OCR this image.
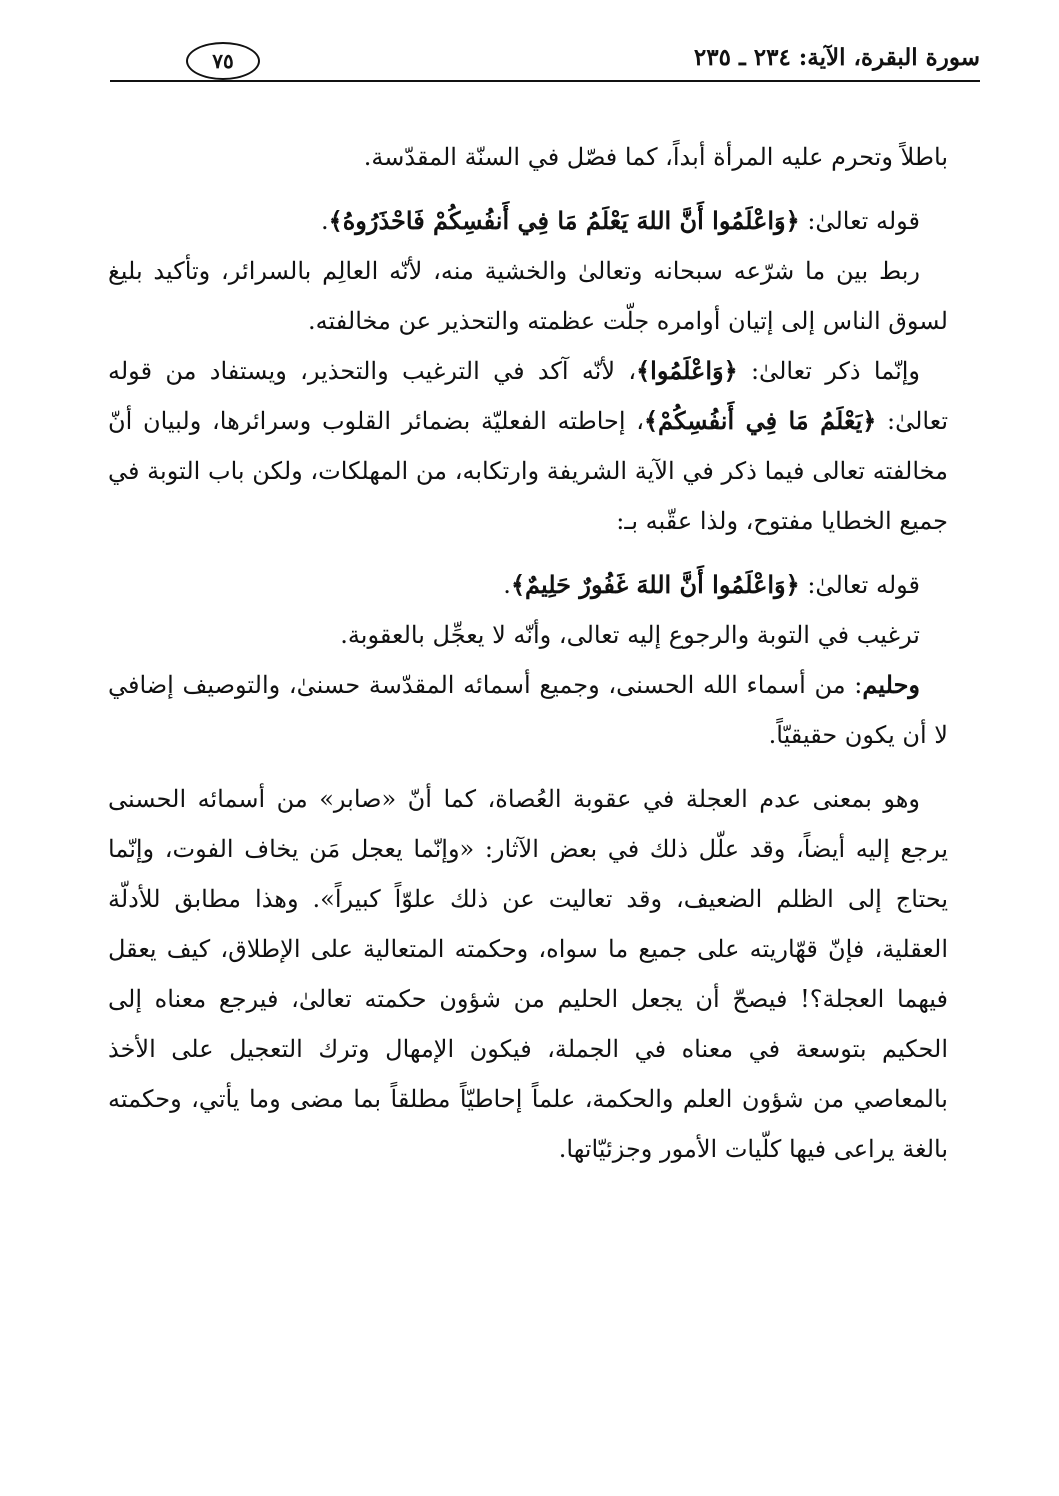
سورة البقرة، الآية: ٢٣٤ ـ ٢٣٥
٧٥

باطلاً وتحرم عليه المرأة أبداً، كما فصّل في السنّة المقدّسة.

قوله تعالىٰ: ﴿وَاعْلَمُوا أَنَّ اللهَ يَعْلَمُ مَا فِي أَنفُسِكُمْ فَاحْذَرُوهُ﴾.

ربط بين ما شرّعه سبحانه وتعالىٰ والخشية منه، لأنّه العالِم بالسرائر، وتأكيد بليغ لسوق الناس إلى إتيان أوامره جلّت عظمته والتحذير عن مخالفته.

وإنّما ذكر تعالىٰ: ﴿وَاعْلَمُوا﴾، لأنّه آكد في الترغيب والتحذير، ويستفاد من قوله تعالىٰ: ﴿يَعْلَمُ مَا فِي أَنفُسِكُمْ﴾، إحاطته الفعليّة بضمائر القلوب وسرائرها، ولبيان أنّ مخالفته تعالى فيما ذكر في الآية الشريفة وارتكابه، من المهلكات، ولكن باب التوبة في جميع الخطايا مفتوح، ولذا عقّبه بـ:

قوله تعالىٰ: ﴿وَاعْلَمُوا أَنَّ اللهَ غَفُورٌ حَلِيمٌ﴾.

ترغيب في التوبة والرجوع إليه تعالى، وأنّه لا يعجِّل بالعقوبة.

وحليم: من أسماء الله الحسنى، وجميع أسمائه المقدّسة حسنىٰ، والتوصيف إضافي لا أن يكون حقيقيّاً.

وهو بمعنى عدم العجلة في عقوبة العُصاة، كما أنّ «صابر» من أسمائه الحسنى يرجع إليه أيضاً، وقد علّل ذلك في بعض الآثار: «وإنّما يعجل مَن يخاف الفوت، وإنّما يحتاج إلى الظلم الضعيف، وقد تعاليت عن ذلك علوّاً كبيراً». وهذا مطابق للأدلّة العقلية، فإنّ قهّاريته على جميع ما سواه، وحكمته المتعالية على الإطلاق، كيف يعقل فيهما العجلة؟! فيصحّ أن يجعل الحليم من شؤون حكمته تعالىٰ، فيرجع معناه إلى الحكيم بتوسعة في معناه في الجملة، فيكون الإمهال وترك التعجيل على الأخذ بالمعاصي من شؤون العلم والحكمة، علماً إحاطيّاً مطلقاً بما مضى وما يأتي، وحكمته بالغة يراعى فيها كلّيات الأمور وجزئيّاتها.
